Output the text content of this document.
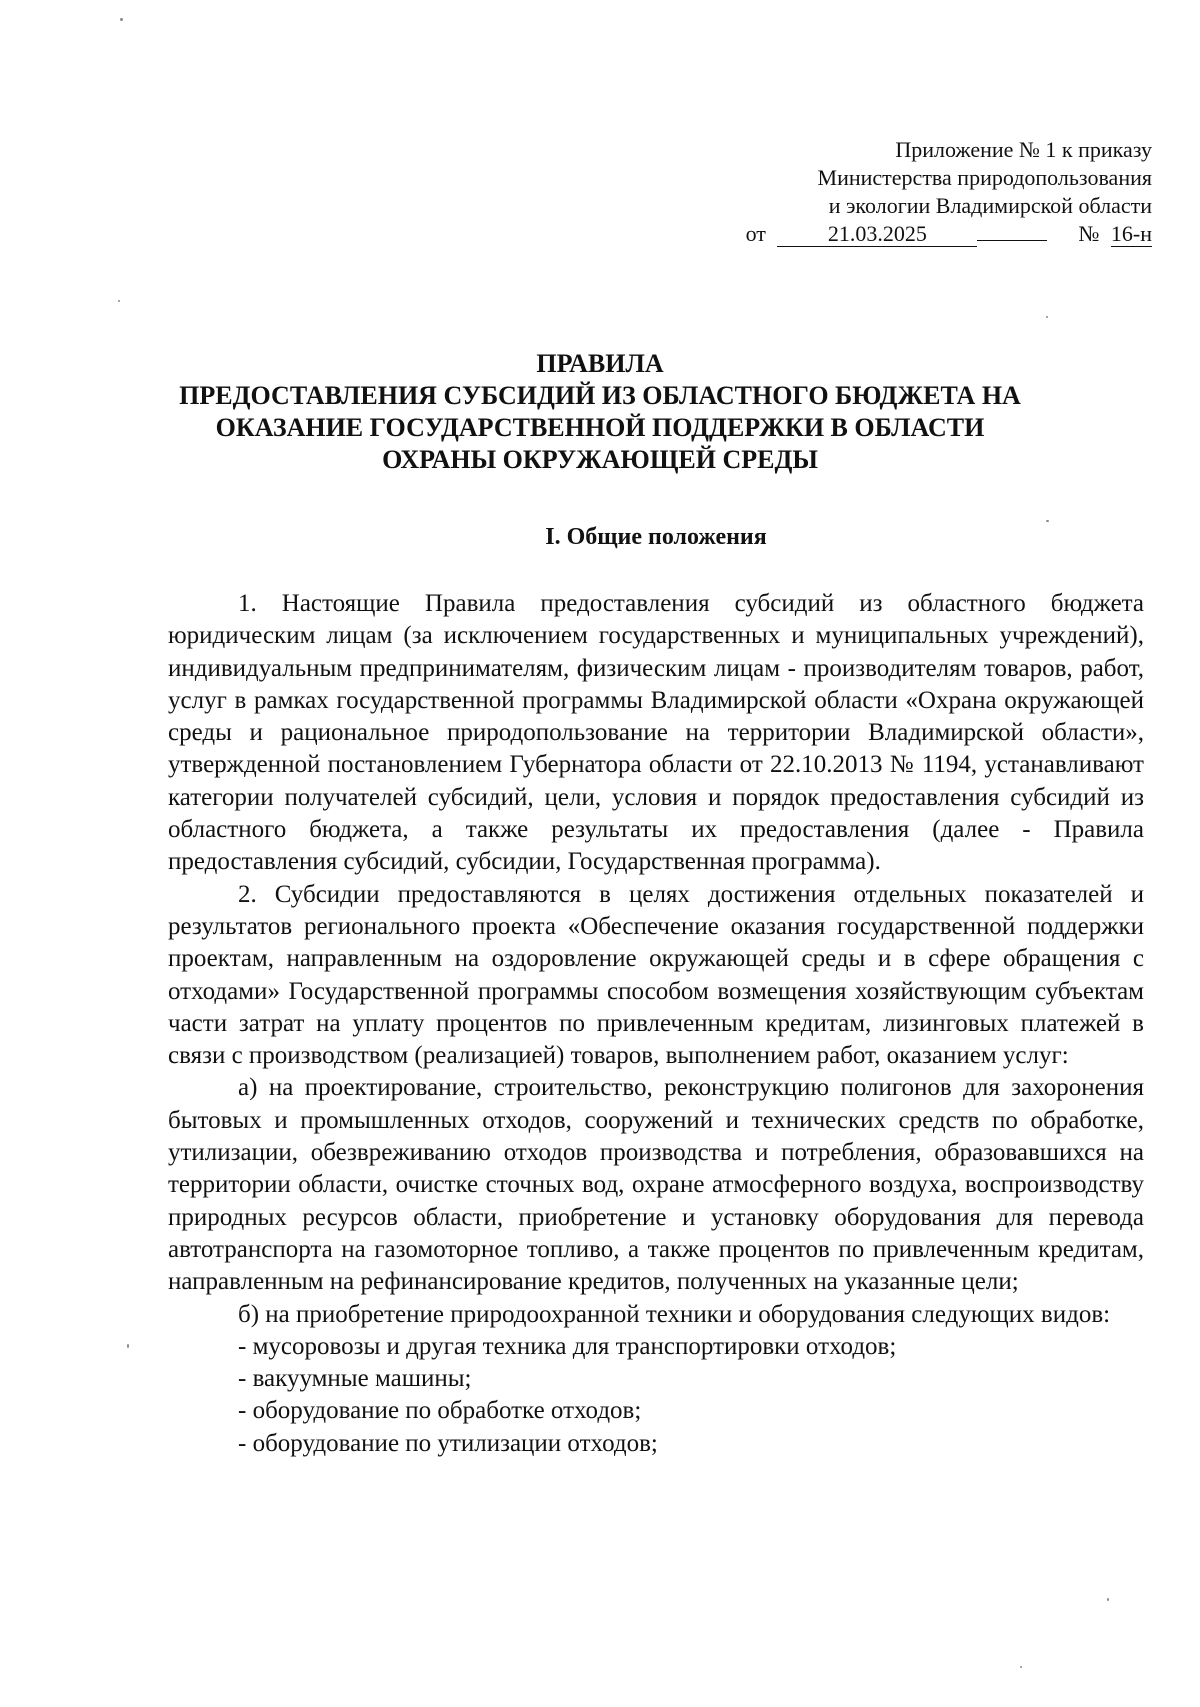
Приложение № 1 к приказу
Министерства природопользования
и экологии Владимирской области
от	21.03.2025	№ 16-н
ПРАВИЛА
ПРЕДОСТАВЛЕНИЯ СУБСИДИЙ ИЗ ОБЛАСТНОГО БЮДЖЕТА НА
ОКАЗАНИЕ ГОСУДАРСТВЕННОЙ ПОДДЕРЖКИ В ОБЛАСТИ
ОХРАНЫ ОКРУЖАЮЩЕЙ СРЕДЫ
I. Общие положения

1. Настоящие Правила предоставления субсидий из областного бюджета юридическим лицам (за исключением государственных и муниципальных учреждений), индивидуальным предпринимателям, физическим лицам - производителям товаров, работ, услуг в рамках государственной программы Владимирской области «Охрана окружающей среды и рациональное природопользование на территории Владимирской области», утвержденной постановлением Губернатора области от 22.10.2013 № 1194, устанавливают категории получателей субсидий, цели, условия и порядок предоставления субсидий из областного бюджета, а также результаты их предоставления (далее - Правила предоставления субсидий, субсидии, Государственная программа).

2. Субсидии предоставляются в целях достижения отдельных показателей и результатов регионального проекта «Обеспечение оказания государственной поддержки проектам, направленным на оздоровление окружающей среды и в сфере обращения с отходами» Государственной программы способом возмещения хозяйствующим субъектам части затрат на уплату процентов по привлеченным кредитам, лизинговых платежей в связи с производством (реализацией) товаров, выполнением работ, оказанием услуг:

а) на проектирование, строительство, реконструкцию полигонов для захоронения бытовых и промышленных отходов, сооружений и технических средств по обработке, утилизации, обезвреживанию отходов производства и потребления, образовавшихся на территории области, очистке сточных вод, охране атмосферного воздуха, воспроизводству природных ресурсов области, приобретение и установку оборудования для перевода автотранспорта на газомоторное топливо, а также процентов по привлеченным кредитам, направленным на рефинансирование кредитов, полученных на указанные цели;

б) на приобретение природоохранной техники и оборудования следующих видов:

- мусоровозы и другая техника для транспортировки отходов;
- вакуумные машины;
- оборудование по обработке отходов;
- оборудование по утилизации отходов;
